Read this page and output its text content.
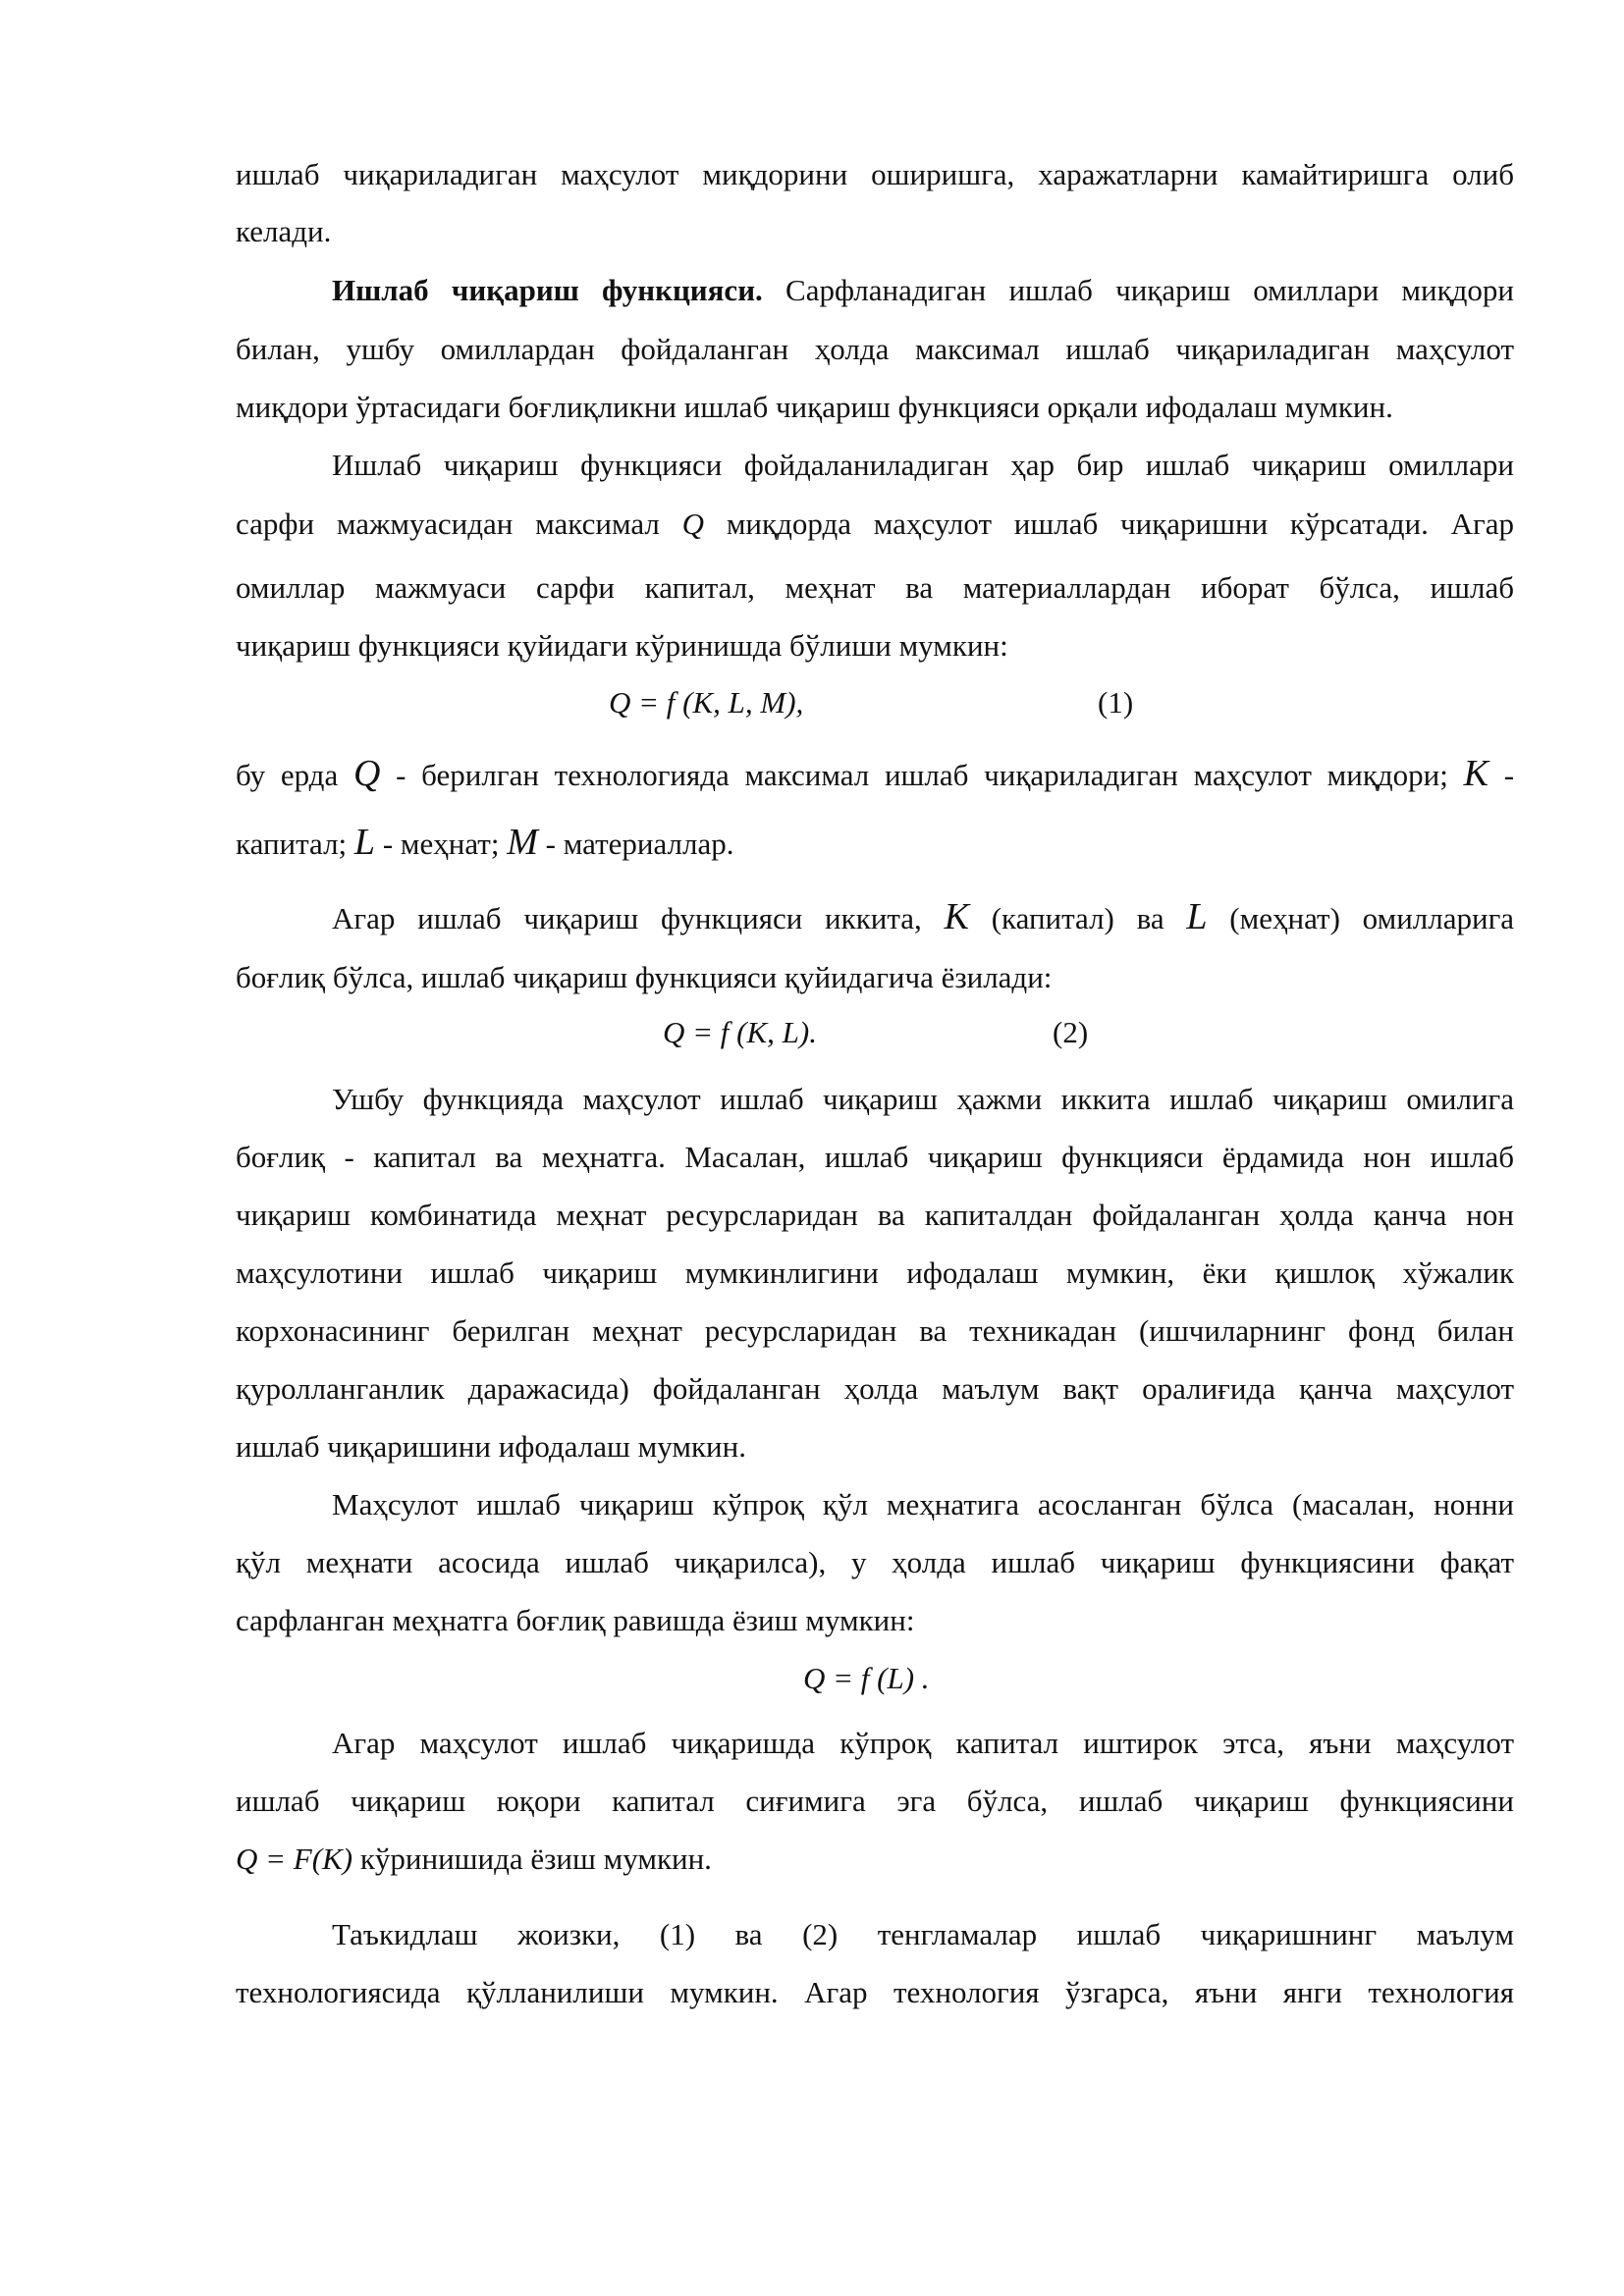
ишлаб чиқариладиган маҳсулот миқдорини оширишга, харажатларни камайтиришга олиб
келади.
Ишлаб чиқариш функцияси. Сарфланадиган ишлаб чиқариш омиллари миқдори
билан, ушбу омиллардан фойдаланган ҳолда максимал ишлаб чиқариладиган маҳсулот
миқдори ўртасидаги боғлиқликни ишлаб чиқариш функцияси орқали ифодалаш мумкин.
Ишлаб чиқариш функцияси фойдаланиладиган ҳар бир ишлаб чиқариш омиллари
сарфи мажмуасидан максимал Q миқдорда маҳсулот ишлаб чиқаришни кўрсатади. Агар
омиллар мажмуаси сарфи капитал, меҳнат ва материаллардан иборат бўлса, ишлаб
чиқариш функцияси қуйидаги кўринишда бўлиши мумкин:
Q = f (K, L, M),	(1)
бу ерда Q - берилган технологияда максимал ишлаб чиқариладиган маҳсулот миқдори; K -
капитал; L - меҳнат; M - материаллар.
Агар ишлаб чиқариш функцияси иккита, K (капитал) ва L (меҳнат) омилларига
боғлиқ бўлса, ишлаб чиқариш функцияси қуйидагича ёзилади:
Q = f (K, L).	(2)
Ушбу функцияда маҳсулот ишлаб чиқариш ҳажми иккита ишлаб чиқариш омилига
боғлиқ - капитал ва меҳнатга. Масалан, ишлаб чиқариш функцияси ёрдамида нон ишлаб
чиқариш комбинатида меҳнат ресурсларидан ва капиталдан фойдаланган ҳолда қанча нон
маҳсулотини ишлаб чиқариш мумкинлигини ифодалаш мумкин, ёки қишлоқ хўжалик
корхонасининг берилган меҳнат ресурсларидан ва техникадан (ишчиларнинг фонд билан
қуролланганлик даражасида) фойдаланган ҳолда маълум вақт оралиғида қанча маҳсулот
ишлаб чиқаришини ифодалаш мумкин.
Маҳсулот ишлаб чиқариш кўпроқ қўл меҳнатига асосланган бўлса (масалан, нонни
қўл меҳнати асосида ишлаб чиқарилса), у ҳолда ишлаб чиқариш функциясини фақат
сарфланган меҳнатга боғлиқ равишда ёзиш мумкин:
Q = f (L) .
Агар маҳсулот ишлаб чиқаришда кўпроқ капитал иштирок этса, яъни маҳсулот
ишлаб чиқариш юқори капитал сиғимига эга бўлса, ишлаб чиқариш функциясини
Q = F(K) кўринишида ёзиш мумкин.
Таъкидлаш жоизки, (1) ва (2) тенгламалар ишлаб чиқаришнинг маълум
технологиясида қўлланилиши мумкин. Агар технология ўзгарса, яъни янги технология
